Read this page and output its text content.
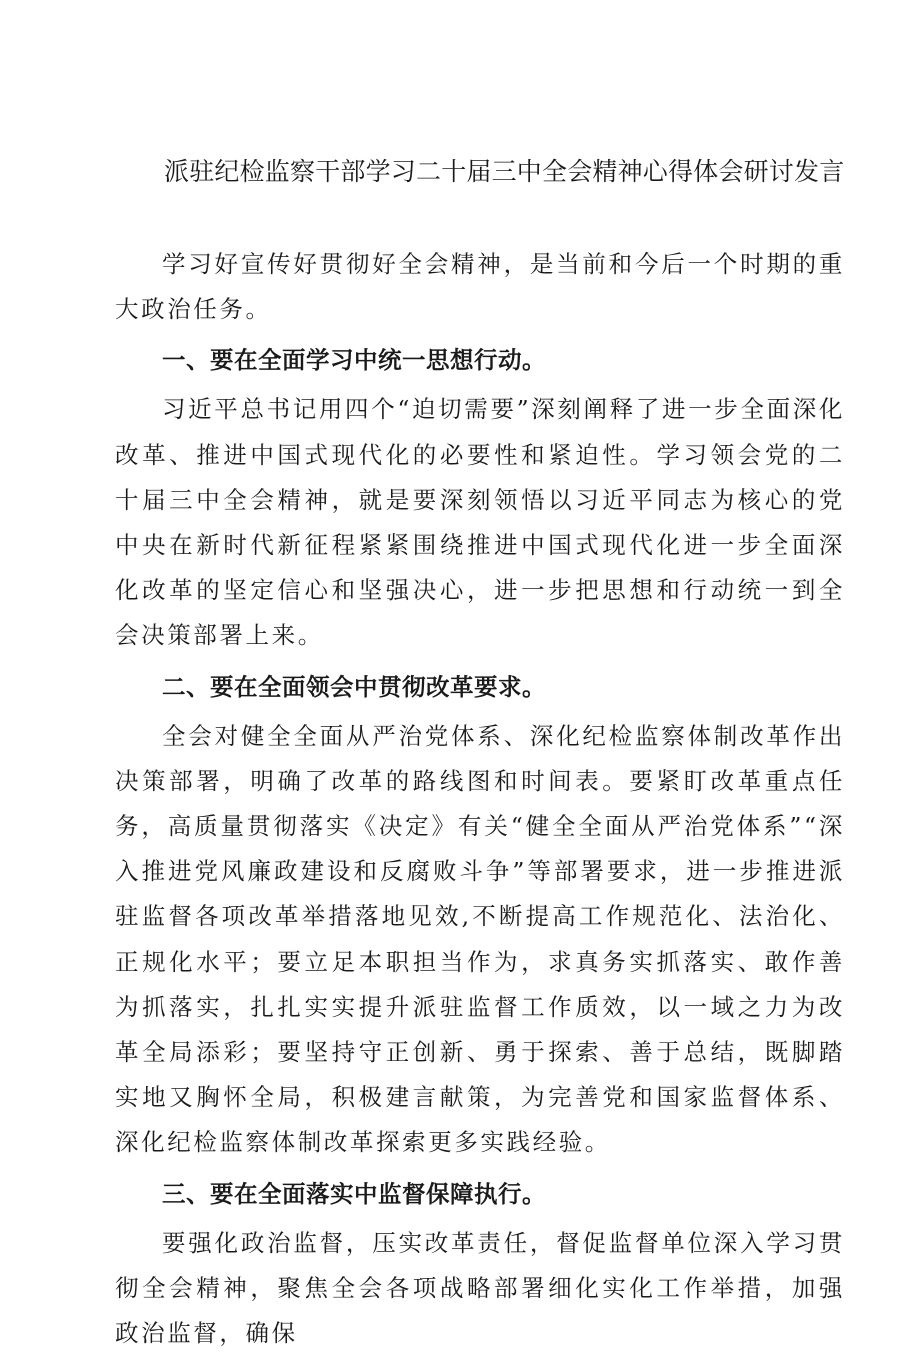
派驻纪检监察干部学习二十届三中全会精神心得体会研讨发言

学习好宣传好贯彻好全会精神，是当前和今后一个时期的重大政治任务。

一、要在全面学习中统一思想行动。

习近平总书记用四个“迫切需要”深刻阐释了进一步全面深化改革、推进中国式现代化的必要性和紧迫性。学习领会党的二十届三中全会精神，就是要深刻领悟以习近平同志为核心的党中央在新时代新征程紧紧围绕推进中国式现代化进一步全面深化改革的坚定信心和坚强决心，进一步把思想和行动统一到全会决策部署上来。

二、要在全面领会中贯彻改革要求。

全会对健全全面从严治党体系、深化纪检监察体制改革作出决策部署，明确了改革的路线图和时间表。要紧盯改革重点任务，高质量贯彻落实《决定》有关“健全全面从严治党体系”“深入推进党风廉政建设和反腐败斗争”等部署要求，进一步推进派驻监督各项改革举措落地见效,不断提高工作规范化、法治化、正规化水平；要立足本职担当作为，求真务实抓落实、敢作善为抓落实，扎扎实实提升派驻监督工作质效，以一域之力为改革全局添彩；要坚持守正创新、勇于探索、善于总结，既脚踏实地又胸怀全局，积极建言献策，为完善党和国家监督体系、深化纪检监察体制改革探索更多实践经验。

三、要在全面落实中监督保障执行。

要强化政治监督，压实改革责任，督促监督单位深入学习贯彻全会精神，聚焦全会各项战略部署细化实化工作举措，加强政治监督，确保
